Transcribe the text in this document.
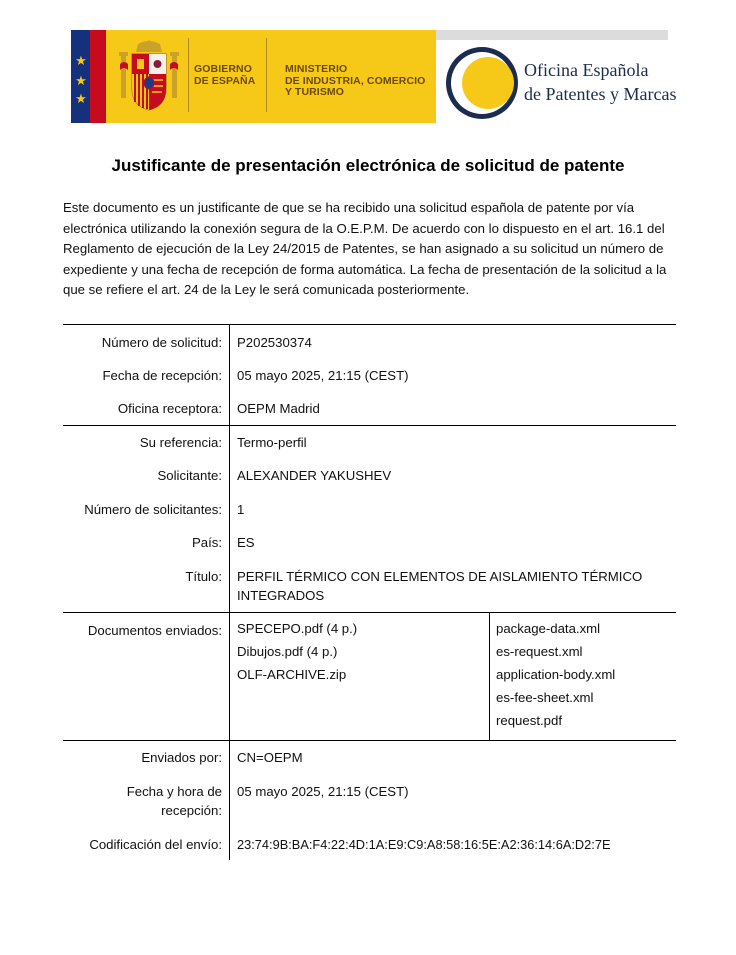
★
★
★
GOBIERNO
DE ESPAÑA
MINISTERIO
DE INDUSTRIA, COMERCIO
Y TURISMO
Oficina Española
de Patentes y Marcas
Justificante de presentación electrónica de solicitud de patente
Este documento es un justificante de que se ha recibido una solicitud española de patente por vía electrónica utilizando la conexión segura de la O.E.P.M. De acuerdo con lo dispuesto en el art. 16.1 del Reglamento de ejecución de la Ley 24/2015 de Patentes, se han asignado a su solicitud un número de expediente y una fecha de recepción de forma automática. La fecha de presentación de la solicitud a la que se refiere el art. 24 de la Ley le será comunicada posteriormente.
Número de solicitud: P202530374
Fecha de recepción: 05 mayo 2025, 21:15 (CEST)
Oficina receptora: OEPM Madrid
Su referencia: Termo-perfil
Solicitante: ALEXANDER YAKUSHEV
Número de solicitantes: 1
País: ES
Título: PERFIL TÉRMICO CON ELEMENTOS DE AISLAMIENTO TÉRMICO INTEGRADOS
Documentos enviados: SPECEPO.pdf (4 p.)
Dibujos.pdf (4 p.)
OLF-ARCHIVE.zip
package-data.xml
es-request.xml
application-body.xml
es-fee-sheet.xml
request.pdf
Enviados por: CN=OEPM
Fecha y hora de
recepción:
05 mayo 2025, 21:15 (CEST)
Codificación del envío: 23:74:9B:BA:F4:22:4D:1A:E9:C9:A8:58:16:5E:A2:36:14:6A:D2:7E
